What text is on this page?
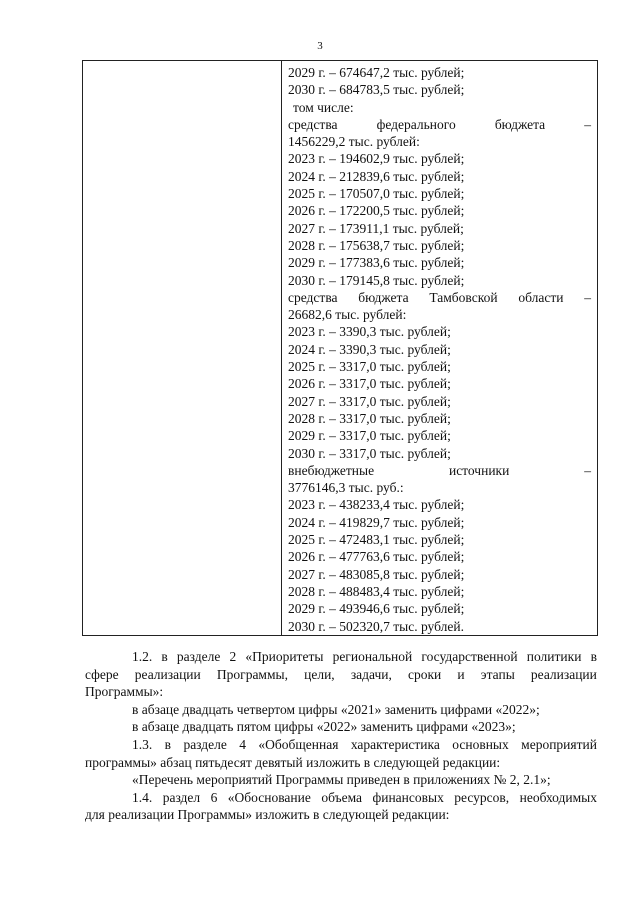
3
2029 г. – 674647,2 тыс. рублей;
2030 г. – 684783,5 тыс. рублей;
том числе:
средства	федерального	бюджета	–
1456229,2 тыс. рублей:
2023 г. – 194602,9 тыс. рублей;
2024 г. – 212839,6 тыс. рублей;
2025 г. – 170507,0 тыс. рублей;
2026 г. – 172200,5 тыс. рублей;
2027 г. – 173911,1 тыс. рублей;
2028 г. – 175638,7 тыс. рублей;
2029 г. – 177383,6 тыс. рублей;
2030 г. – 179145,8 тыс. рублей;
средства бюджета Тамбовской области –
26682,6 тыс. рублей:
2023 г. – 3390,3 тыс. рублей;
2024 г. – 3390,3 тыс. рублей;
2025 г. – 3317,0 тыс. рублей;
2026 г. – 3317,0 тыс. рублей;
2027 г. – 3317,0 тыс. рублей;
2028 г. – 3317,0 тыс. рублей;
2029 г. – 3317,0 тыс. рублей;
2030 г. – 3317,0 тыс. рублей;
внебюджетные	источники	–
3776146,3 тыс. руб.:
2023 г. – 438233,4 тыс. рублей;
2024 г. – 419829,7 тыс. рублей;
2025 г. – 472483,1 тыс. рублей;
2026 г. – 477763,6 тыс. рублей;
2027 г. – 483085,8 тыс. рублей;
2028 г. – 488483,4 тыс. рублей;
2029 г. – 493946,6 тыс. рублей;
2030 г. – 502320,7 тыс. рублей.
1.2. в разделе 2 «Приоритеты региональной государственной политики в
сфере реализации Программы, цели, задачи, сроки и этапы реализации

Программы»:

в абзаце двадцать четвертом цифры «2021» заменить цифрами «2022»;

в абзаце двадцать пятом цифры «2022» заменить цифрами «2023»;

1.3. в разделе 4 «Обобщенная характеристика основных мероприятий

программы» абзац пятьдесят девятый изложить в следующей редакции:

«Перечень мероприятий Программы приведен в приложениях № 2, 2.1»;

1.4. раздел 6 «Обоснование объема финансовых ресурсов, необходимых

для реализации Программы» изложить в следующей редакции:
